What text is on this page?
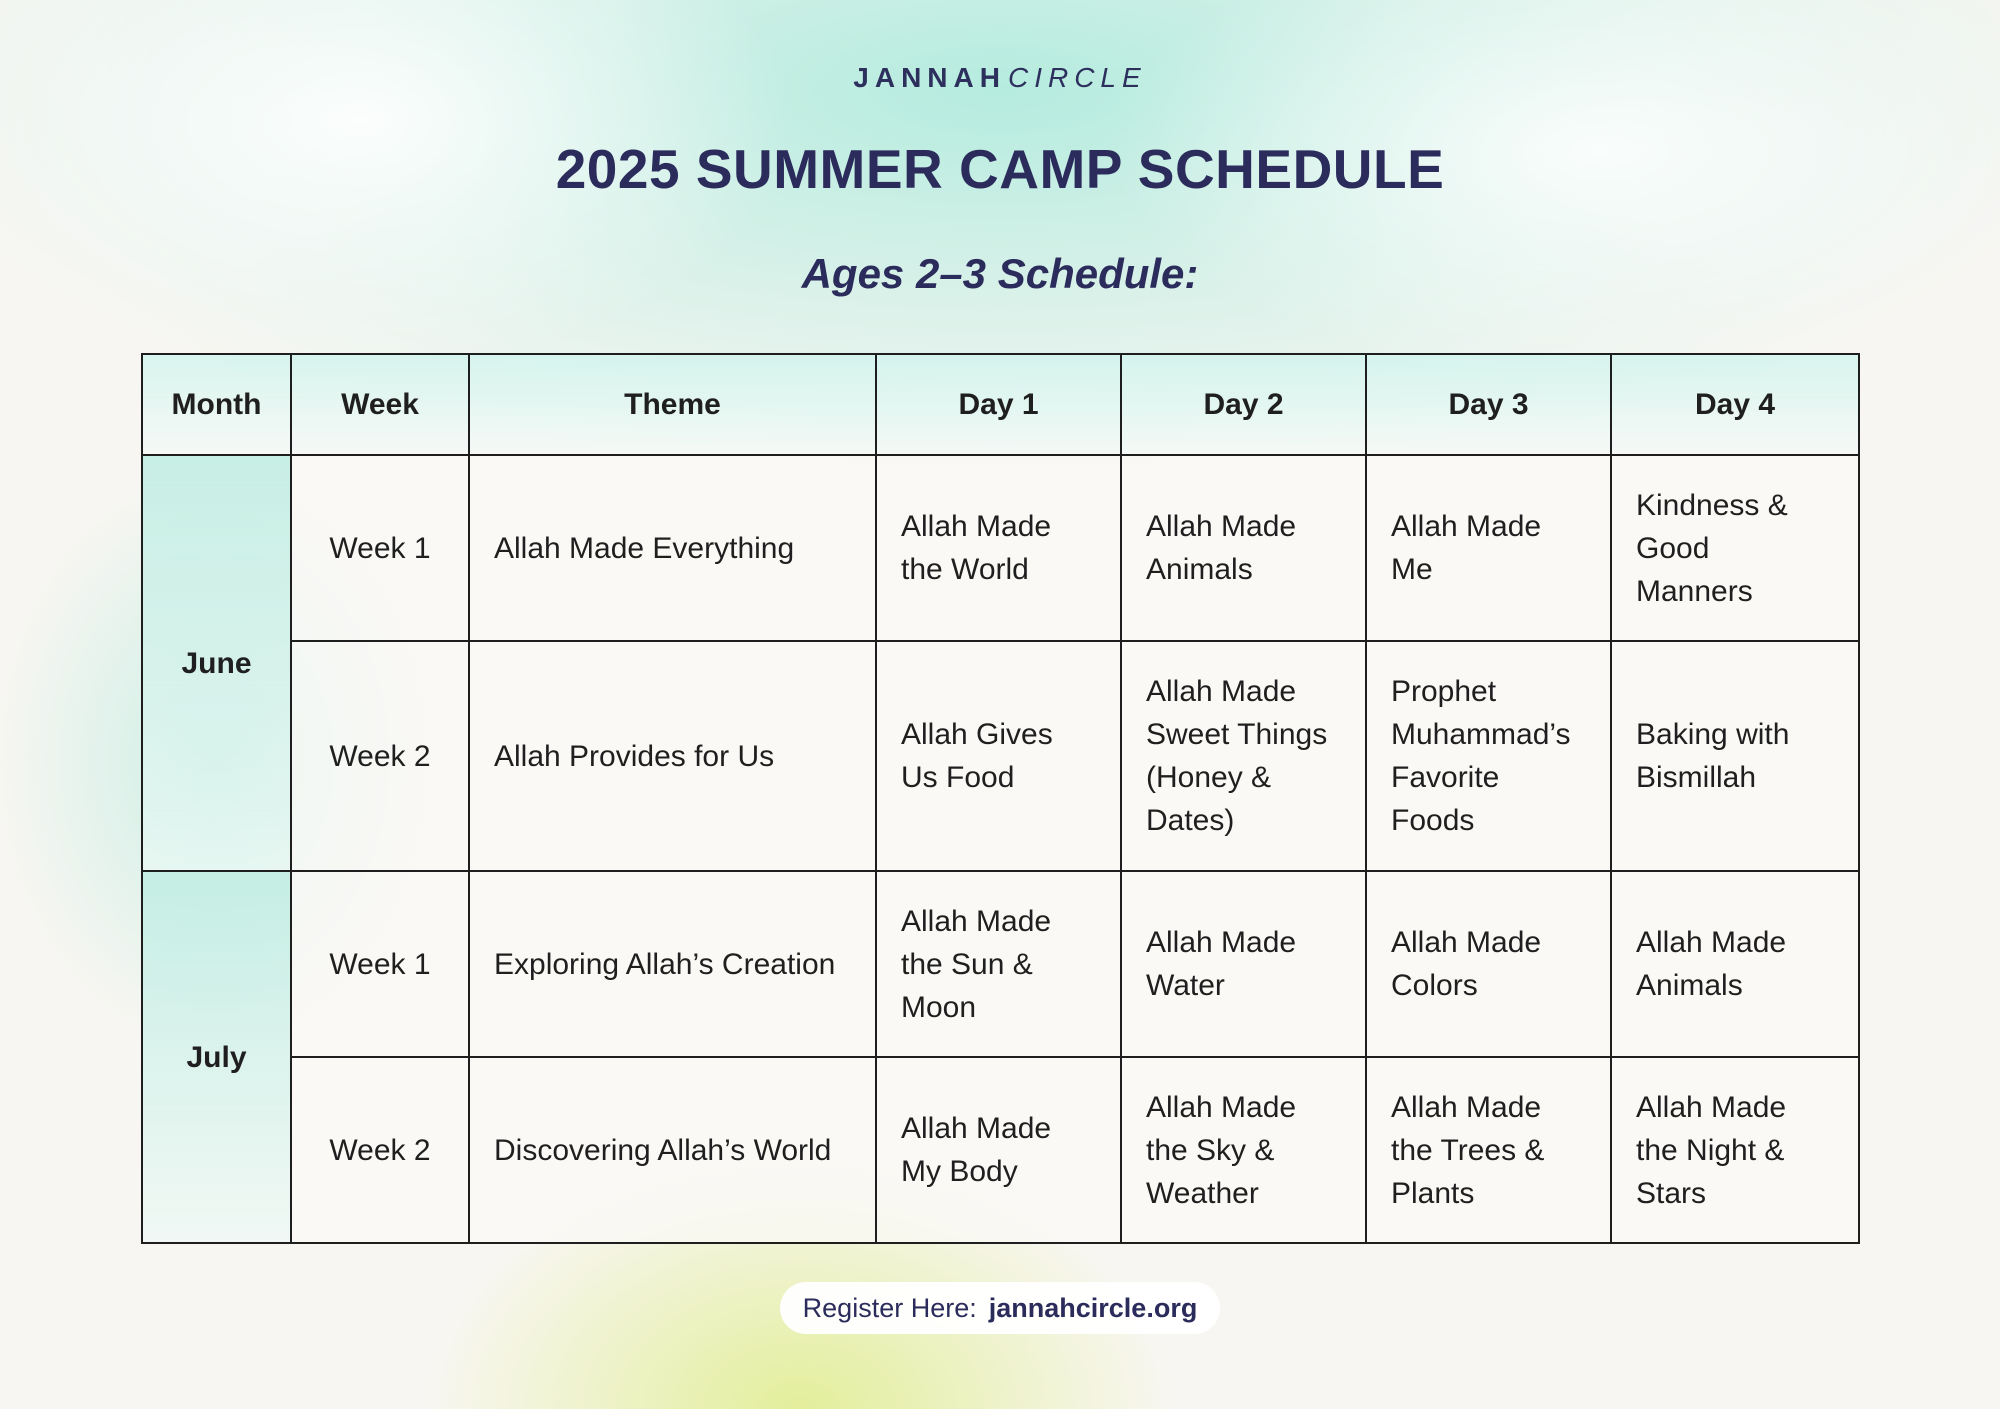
JANNAHCIRCLE
2025 SUMMER CAMP SCHEDULE
Ages 2–3 Schedule:
Month	Week	Theme	Day 1	Day 2	Day 3	Day 4
June	Week 1	Allah Made Everything	Allah Made the World	Allah Made Animals	Allah Made Me	Kindness & Good Manners
	Week 2	Allah Provides for Us	Allah Gives Us Food	Allah Made Sweet Things (Honey & Dates)	Prophet Muhammad’s Favorite Foods	Baking with Bismillah
July	Week 1	Exploring Allah’s Creation	Allah Made the Sun & Moon	Allah Made Water	Allah Made Colors	Allah Made Animals
	Week 2	Discovering Allah’s World	Allah Made My Body	Allah Made the Sky & Weather	Allah Made the Trees & Plants	Allah Made the Night & Stars
Register Here: jannahcircle.org
